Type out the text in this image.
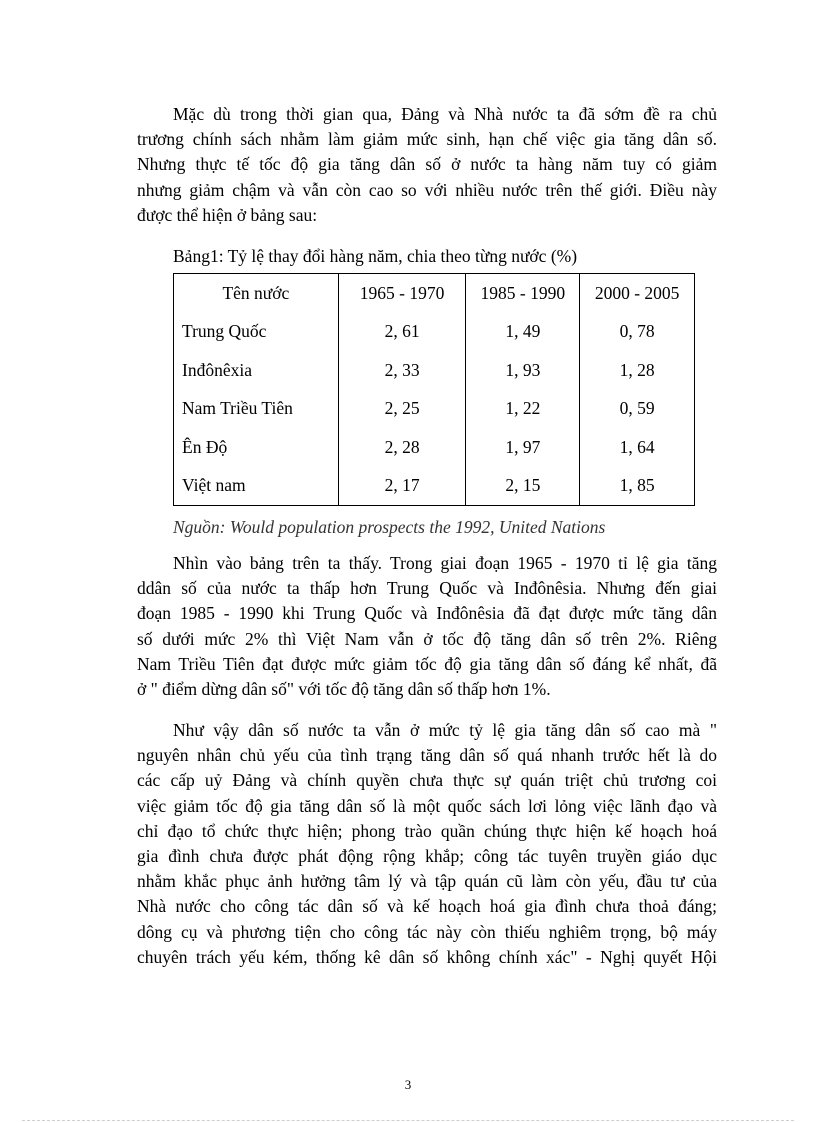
Mặc dù trong thời gian qua, Đảng và Nhà nước ta đã sớm đề ra chủ
trương chính sách nhằm làm giảm mức sinh, hạn chế việc gia tăng dân số.
Nhưng thực tế tốc độ gia tăng dân số ở nước ta hàng năm tuy có giảm
nhưng giảm chậm và vẫn còn cao so với nhiều nước trên thế giới. Điều này
được thể hiện ở bảng sau:
Bảng1: Tỷ lệ thay đổi hàng năm, chia theo từng nước (%)
Tên nước	1965 - 1970	1985 - 1990	2000 - 2005
Trung Quốc	2, 61	1, 49	0, 78
Inđônêxia	2, 33	1, 93	1, 28
Nam Triều Tiên	2, 25	1, 22	0, 59
Ên Độ	2, 28	1, 97	1, 64
Việt nam	2, 17	2, 15	1, 85
Nguồn: Would population prospects the 1992, United Nations
Nhìn vào bảng trên ta thấy. Trong giai đoạn 1965 - 1970 tỉ lệ gia tăng
ddân số của nước ta thấp hơn Trung Quốc và Inđônêsia. Nhưng đến giai
đoạn 1985 - 1990 khi Trung Quốc và Inđônêsia đã đạt được mức tăng dân
số dưới mức 2% thì Việt Nam vẫn ở tốc độ tăng dân số trên 2%. Riêng
Nam Triều Tiên đạt được mức giảm tốc độ gia tăng dân số đáng kể nhất, đã
ở " điểm dừng dân số" với tốc độ tăng dân số thấp hơn 1%.
Như vậy dân số nước ta vẫn ở mức tỷ lệ gia tăng dân số cao mà "
nguyên nhân chủ yếu của tình trạng tăng dân số quá nhanh trước hết là do
các cấp uỷ Đảng và chính quyền chưa thực sự quán triệt chủ trương coi
việc giảm tốc độ gia tăng dân số là một quốc sách lơi lỏng việc lãnh đạo và
chỉ đạo tổ chức thực hiện; phong trào quần chúng thực hiện kế hoạch hoá
gia đình chưa được phát động rộng khắp; công tác tuyên truyền giáo dục
nhằm khắc phục ảnh hưởng tâm lý và tập quán cũ làm còn yếu, đầu tư của
Nhà nước cho công tác dân số và kế hoạch hoá gia đình chưa thoả đáng;
dông cụ và phương tiện cho công tác này còn thiếu nghiêm trọng, bộ máy
chuyên trách yếu kém, thống kê dân số không chính xác" - Nghị quyết Hội
3
